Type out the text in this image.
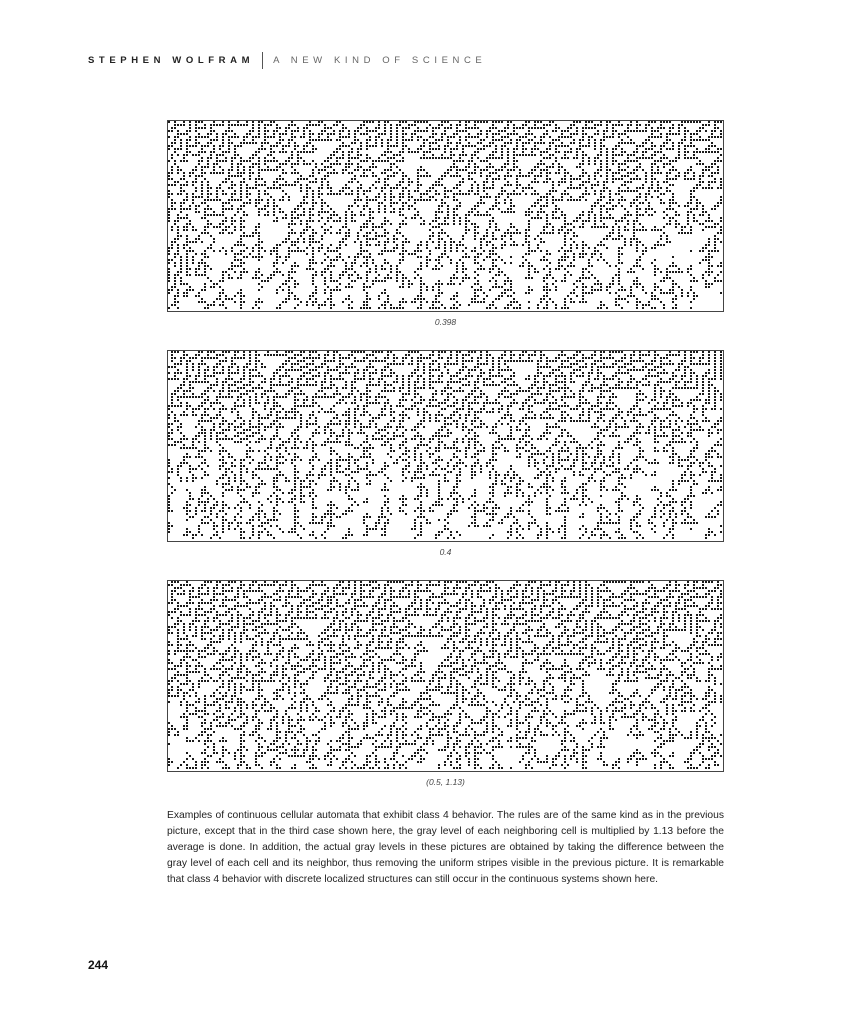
STEPHEN WOLFRAM A NEW KIND OF SCIENCE
0.398
0.4
(0.5, 1.13)

Examples of continuous cellular automata that exhibit class 4 behavior. The rules are of the same kind as in the previous picture, except that in the third case shown here, the gray level of each neighboring cell is multiplied by 1.13 before the average is done. In addition, the actual gray levels in these pictures are obtained by taking the difference between the gray level of each cell and its neighbor, thus removing the uniform stripes visible in the previous picture. It is remarkable that class 4 behavior with discrete localized structures can still occur in the continuous systems shown here.

244
